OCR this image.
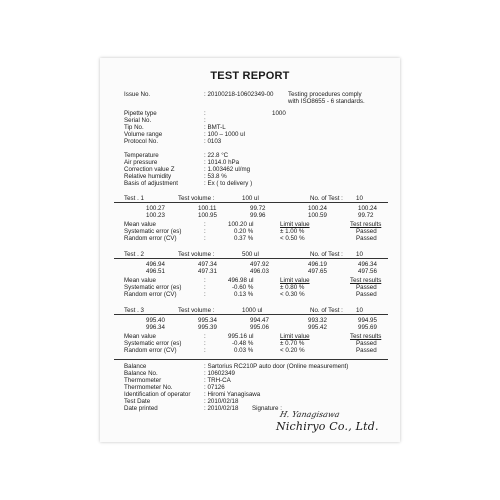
TEST REPORT
Issue No.	: 20100218-10602349-00 Testing procedures comply
with ISO8655 - 6 standards.
Pipette type	:	1000
Serial No.	:
Tip No.	: BMT-L
Volume range	: 100 – 1000 ul
Protocol No.	: 0103
Temperature	: 22.8 °C
Air pressure	: 1014.0 hPa
Correction value Z	: 1.003462 ul/mg
Relative humidity	: 53.8 %
Basis of adjustment	: Ex ( to delivery )
Test . 1	Test volume :	100 ul	No. of Test : 10
100.27	100.11	99.72	100.24	100.24
100.23	100.95	99.96	100.59	99.72
Mean value	:	100.20 ul	Limit value	Test results
Systematic error (es)	:	0.20 %	± 1.00 %	Passed
Random error (CV)	:	0.37 %	< 0.50 %	Passed
Test . 2	Test volume :	500 ul	No. of Test : 10
496.94	497.34	497.92	496.19	496.34
496.51	497.31	496.03	497.65	497.56
Mean value	:	496.98 ul	Limit value	Test results
Systematic error (es)	:	-0.60 %	± 0.80 %	Passed
Random error (CV)	:	0.13 %	< 0.30 %	Passed
Test . 3	Test volume :	1000 ul	No. of Test : 10
995.40	995.34	994.47	993.32	994.95
996.34	995.39	995.06	995.42	995.69
Mean value	:	995.16 ul	Limit value	Test results
Systematic error (es)	:	-0.48 %	± 0.70 %	Passed
Random error (CV)	:	0.03 %	< 0.20 %	Passed
Balance	: Sartorius RC210P auto door (Online measurement)
Balance No.	: 10602349
Thermometer	: TRH-CA
Thermometer No.	: 07126
Identification of operator : Hiromi Yanagisawa
Test Date	: 2010/02/18
Date printed	: 2010/02/18 Signature :
H. Yanagisawa
Nichiryo Co., Ltd.
